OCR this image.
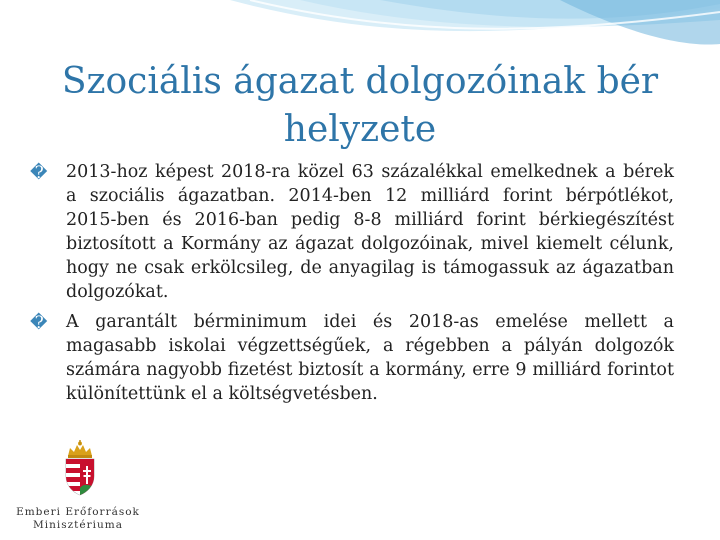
Szociális ágazat dolgozóinak bér
helyzete

�	2013-hoz képest 2018-ra közel 63 százalékkal emelkednek a bérek a szociális ágazatban. 2014-ben 12 milliárd forint bérpótlékot, 2015-ben és 2016-ban pedig 8-8 milliárd forint bérkiegészítést biztosított a Kormány az ágazat dolgozóinak, mivel kiemelt célunk, hogy ne csak erkölcsileg, de anyagilag is támogassuk az ágazatban dolgozókat.

�	A garantált bérminimum idei és 2018-as emelése mellett a magasabb iskolai végzettségűek, a régebben a pályán dolgozók számára nagyobb fizetést biztosít a kormány, erre 9 milliárd forintot különítettünk el a költségvetésben.

Emberi Erőforrások
Minisztériuma
